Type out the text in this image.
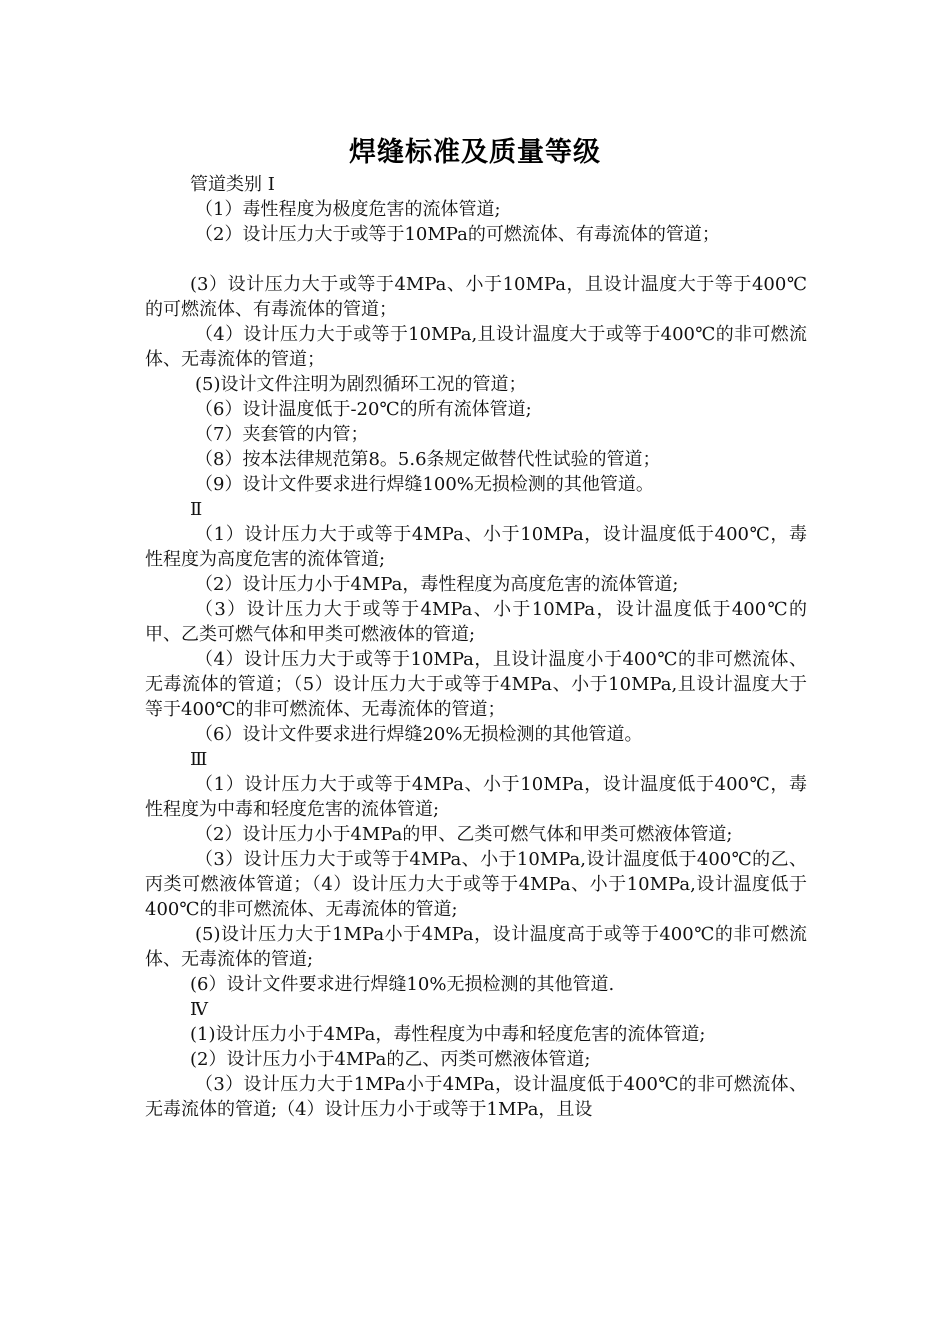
焊缝标准及质量等级

管道类别 Ⅰ

（1）毒性程度为极度危害的流体管道;

（2）设计压力大于或等于10MPa的可燃流体、有毒流体的管道；

(3）设计压力大于或等于4MPa、小于10MPa，且设计温度大于等于400℃的可燃流体、有毒流体的管道；

（4）设计压力大于或等于10MPa,且设计温度大于或等于400℃的非可燃流体、无毒流体的管道；

(5)设计文件注明为剧烈循环工况的管道；

（6）设计温度低于-20℃的所有流体管道;

（7）夹套管的内管；

（8）按本法律规范第8。5.6条规定做替代性试验的管道；

（9）设计文件要求进行焊缝100%无损检测的其他管道。

Ⅱ

（1）设计压力大于或等于4MPa、小于10MPa，设计温度低于400℃，毒性程度为高度危害的流体管道;

（2）设计压力小于4MPa，毒性程度为高度危害的流体管道;

（3）设计压力大于或等于4MPa、小于10MPa，设计温度低于400℃的甲、乙类可燃气体和甲类可燃液体的管道;

（4）设计压力大于或等于10MPa，且设计温度小于400℃的非可燃流体、无毒流体的管道；（5）设计压力大于或等于4MPa、小于10MPa,且设计温度大于等于400℃的非可燃流体、无毒流体的管道；

（6）设计文件要求进行焊缝20%无损检测的其他管道。

Ⅲ

（1）设计压力大于或等于4MPa、小于10MPa，设计温度低于400℃，毒性程度为中毒和轻度危害的流体管道;

（2）设计压力小于4MPa的甲、乙类可燃气体和甲类可燃液体管道;

（3）设计压力大于或等于4MPa、小于10MPa,设计温度低于400℃的乙、丙类可燃液体管道；（4）设计压力大于或等于4MPa、小于10MPa,设计温度低于400℃的非可燃流体、无毒流体的管道;

(5)设计压力大于1MPa小于4MPa，设计温度高于或等于400℃的非可燃流体、无毒流体的管道;

(6）设计文件要求进行焊缝10%无损检测的其他管道.

Ⅳ

(1)设计压力小于4MPa，毒性程度为中毒和轻度危害的流体管道;

(2）设计压力小于4MPa的乙、丙类可燃液体管道;

（3）设计压力大于1MPa小于4MPa，设计温度低于400℃的非可燃流体、无毒流体的管道;（4）设计压力小于或等于1MPa，且设
